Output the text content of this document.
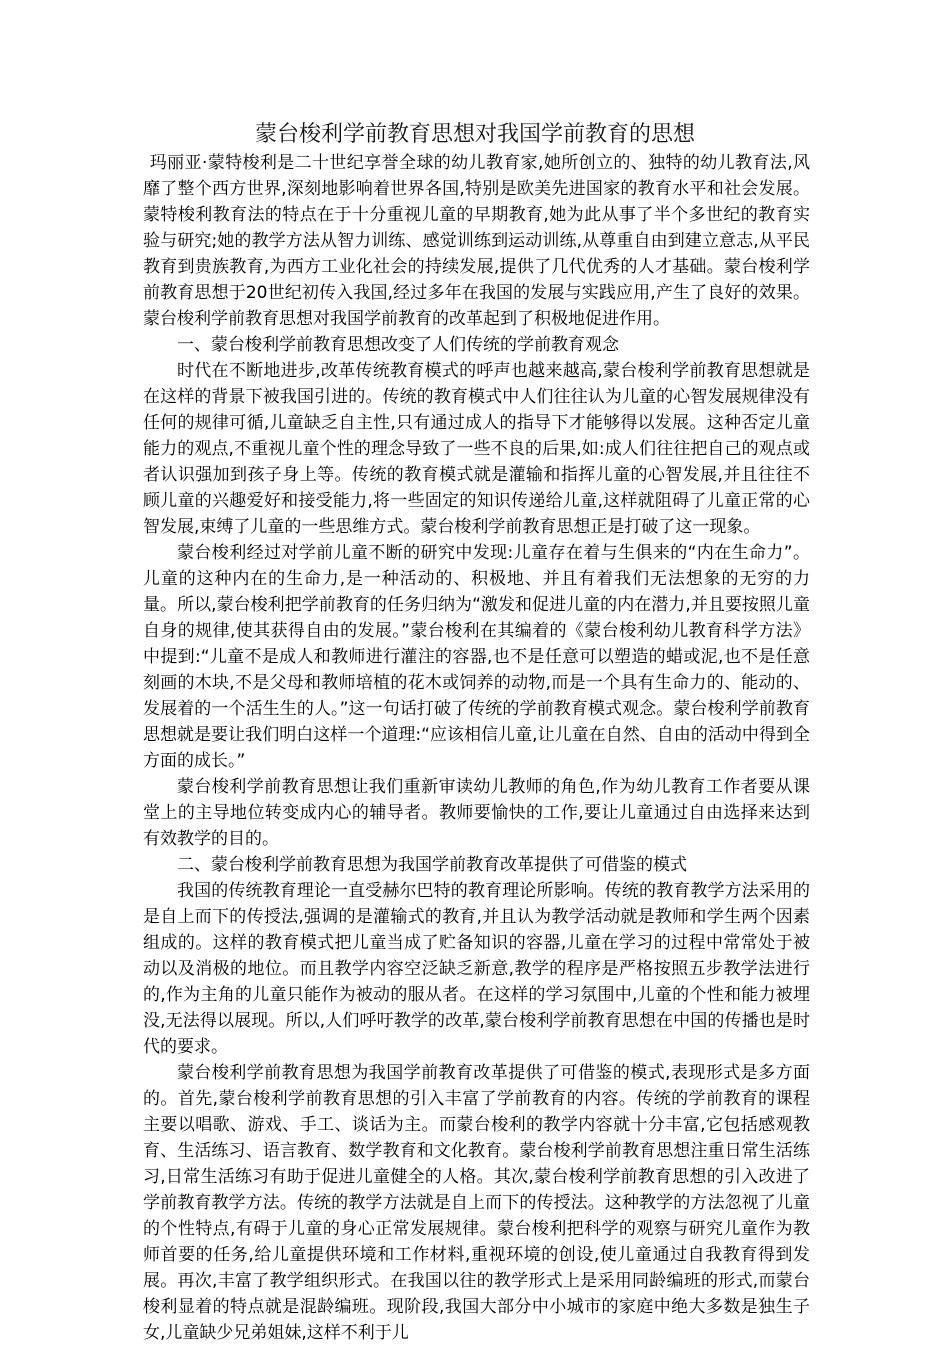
蒙台梭利学前教育思想对我国学前教育的思想

玛丽亚·蒙特梭利是二十世纪享誉全球的幼儿教育家,她所创立的、独特的幼儿教育法,风靡了整个西方世界,深刻地影响着世界各国,特别是欧美先进国家的教育水平和社会发展。蒙特梭利教育法的特点在于十分重视儿童的早期教育,她为此从事了半个多世纪的教育实验与研究;她的教学方法从智力训练、感觉训练到运动训练,从尊重自由到建立意志,从平民教育到贵族教育,为西方工业化社会的持续发展,提供了几代优秀的人才基础。蒙台梭利学前教育思想于20世纪初传入我国,经过多年在我国的发展与实践应用,产生了良好的效果。蒙台梭利学前教育思想对我国学前教育的改革起到了积极地促进作用。

一、蒙台梭利学前教育思想改变了人们传统的学前教育观念

时代在不断地进步,改革传统教育模式的呼声也越来越高,蒙台梭利学前教育思想就是在这样的背景下被我国引进的。传统的教育模式中人们往往认为儿童的心智发展规律没有任何的规律可循,儿童缺乏自主性,只有通过成人的指导下才能够得以发展。这种否定儿童能力的观点,不重视儿童个性的理念导致了一些不良的后果,如:成人们往往把自己的观点或者认识强加到孩子身上等。传统的教育模式就是灌输和指挥儿童的心智发展,并且往往不顾儿童的兴趣爱好和接受能力,将一些固定的知识传递给儿童,这样就阻碍了儿童正常的心智发展,束缚了儿童的一些思维方式。蒙台梭利学前教育思想正是打破了这一现象。

蒙台梭利经过对学前儿童不断的研究中发现:儿童存在着与生俱来的“内在生命力”。儿童的这种内在的生命力,是一种活动的、积极地、并且有着我们无法想象的无穷的力量。所以,蒙台梭利把学前教育的任务归纳为“激发和促进儿童的内在潜力,并且要按照儿童自身的规律,使其获得自由的发展。”蒙台梭利在其编着的《蒙台梭利幼儿教育科学方法》中提到:“儿童不是成人和教师进行灌注的容器,也不是任意可以塑造的蜡或泥,也不是任意刻画的木块,不是父母和教师培植的花木或饲养的动物,而是一个具有生命力的、能动的、发展着的一个活生生的人。”这一句话打破了传统的学前教育模式观念。蒙台梭利学前教育思想就是要让我们明白这样一个道理:“应该相信儿童,让儿童在自然、自由的活动中得到全方面的成长。”

蒙台梭利学前教育思想让我们重新审读幼儿教师的角色,作为幼儿教育工作者要从课堂上的主导地位转变成内心的辅导者。教师要愉快的工作,要让儿童通过自由选择来达到有效教学的目的。

二、蒙台梭利学前教育思想为我国学前教育改革提供了可借鉴的模式

我国的传统教育理论一直受赫尔巴特的教育理论所影响。传统的教育教学方法采用的是自上而下的传授法,强调的是灌输式的教育,并且认为教学活动就是教师和学生两个因素组成的。这样的教育模式把儿童当成了贮备知识的容器,儿童在学习的过程中常常处于被动以及消极的地位。而且教学内容空泛缺乏新意,教学的程序是严格按照五步教学法进行的,作为主角的儿童只能作为被动的服从者。在这样的学习氛围中,儿童的个性和能力被埋没,无法得以展现。所以,人们呼吁教学的改革,蒙台梭利学前教育思想在中国的传播也是时代的要求。

蒙台梭利学前教育思想为我国学前教育改革提供了可借鉴的模式,表现形式是多方面的。首先,蒙台梭利学前教育思想的引入丰富了学前教育的内容。传统的学前教育的课程主要以唱歌、游戏、手工、谈话为主。而蒙台梭利的教学内容就十分丰富,它包括感观教育、生活练习、语言教育、数学教育和文化教育。蒙台梭利学前教育思想注重日常生活练习,日常生活练习有助于促进儿童健全的人格。其次,蒙台梭利学前教育思想的引入改进了学前教育教学方法。传统的教学方法就是自上而下的传授法。这种教学的方法忽视了儿童的个性特点,有碍于儿童的身心正常发展规律。蒙台梭利把科学的观察与研究儿童作为教师首要的任务,给儿童提供环境和工作材料,重视环境的创设,使儿童通过自我教育得到发展。再次,丰富了教学组织形式。在我国以往的教学形式上是采用同龄编班的形式,而蒙台梭利显着的特点就是混龄编班。现阶段,我国大部分中小城市的家庭中绝大多数是独生子女,儿童缺少兄弟姐妹,这样不利于儿
